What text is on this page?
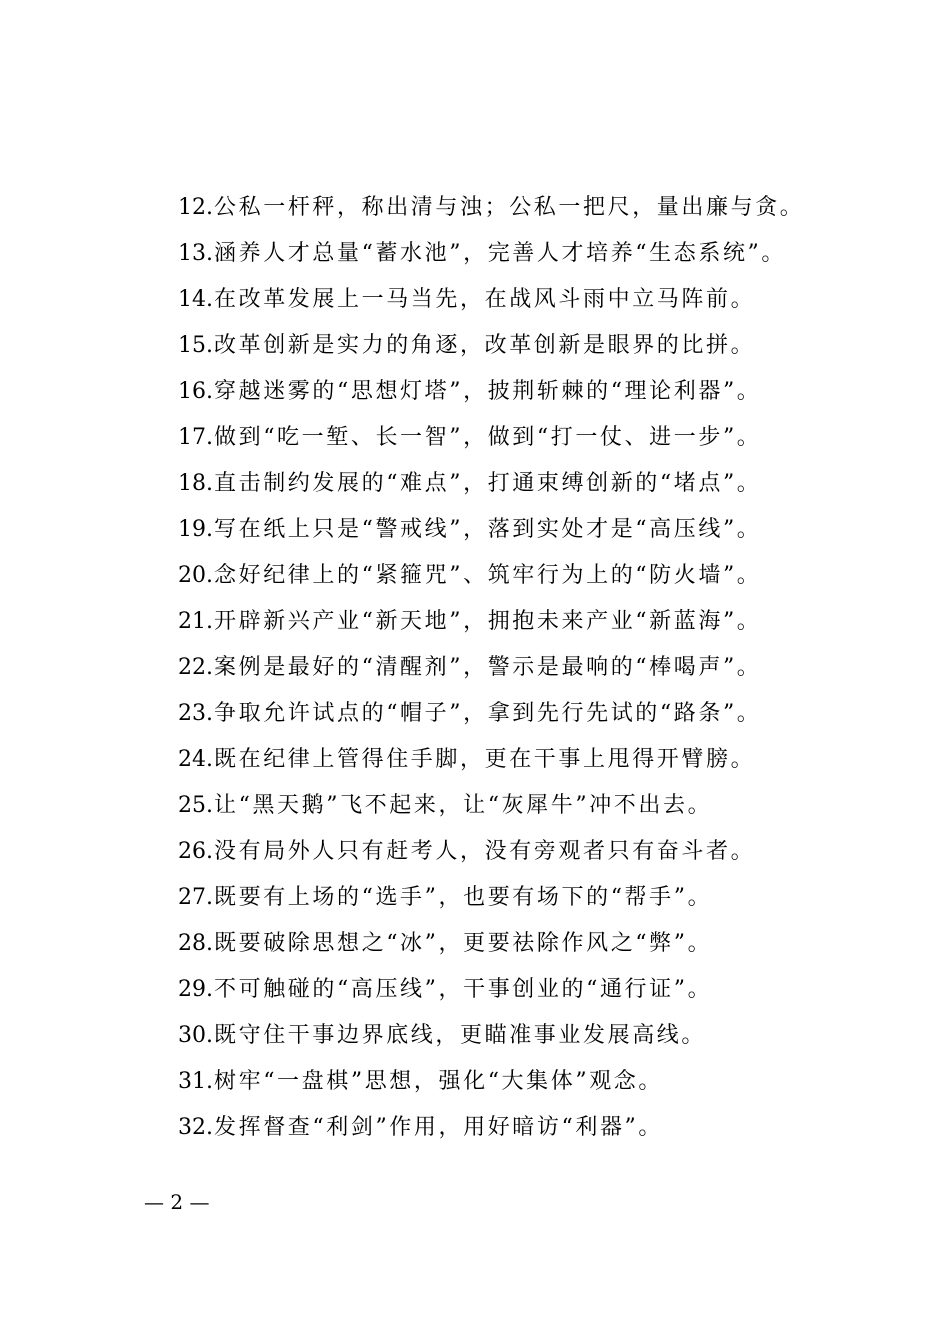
12.公私一杆秤，称出清与浊；公私一把尺，量出廉与贪。
13.涵养人才总量“蓄水池”，完善人才培养“生态系统”。
14.在改革发展上一马当先，在战风斗雨中立马阵前。
15.改革创新是实力的角逐，改革创新是眼界的比拼。
16.穿越迷雾的“思想灯塔”，披荆斩棘的“理论利器”。
17.做到“吃一堑、长一智”，做到“打一仗、进一步”。
18.直击制约发展的“难点”，打通束缚创新的“堵点”。
19.写在纸上只是“警戒线”，落到实处才是“高压线”。
20.念好纪律上的“紧箍咒”、筑牢行为上的“防火墙”。
21.开辟新兴产业“新天地”，拥抱未来产业“新蓝海”。
22.案例是最好的“清醒剂”，警示是最响的“棒喝声”。
23.争取允许试点的“帽子”，拿到先行先试的“路条”。
24.既在纪律上管得住手脚，更在干事上甩得开臂膀。
25.让“黑天鹅”飞不起来，让“灰犀牛”冲不出去。
26.没有局外人只有赶考人，没有旁观者只有奋斗者。
27.既要有上场的“选手”，也要有场下的“帮手”。
28.既要破除思想之“冰”，更要祛除作风之“弊”。
29.不可触碰的“高压线”，干事创业的“通行证”。
30.既守住干事边界底线，更瞄准事业发展高线。
31.树牢“一盘棋”思想，强化“大集体”观念。
32.发挥督查“利剑”作用，用好暗访“利器”。
— 2 —
